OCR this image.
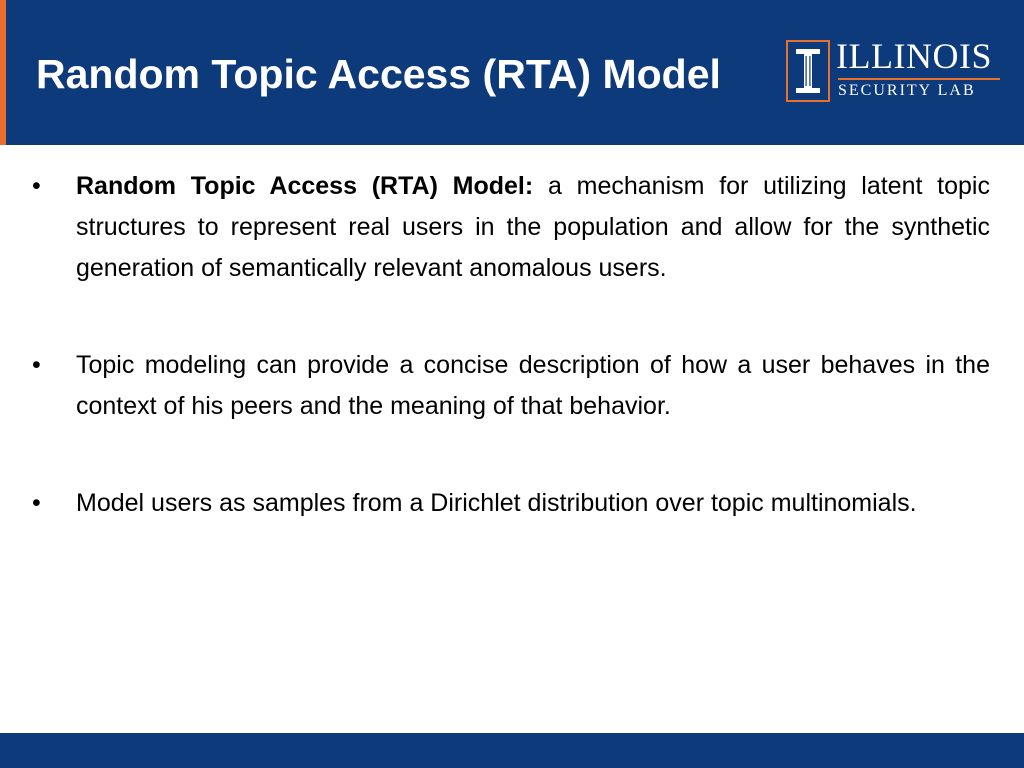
Random Topic Access (RTA) Model	ILLINOIS
SECURITY LAB
• Random Topic Access (RTA) Model: a mechanism for utilizing latent topic structures to represent real users in the population and allow for the synthetic generation of semantically relevant anomalous users.
• Topic modeling can provide a concise description of how a user behaves in the context of his peers and the meaning of that behavior.
• Model users as samples from a Dirichlet distribution over topic multinomials.
